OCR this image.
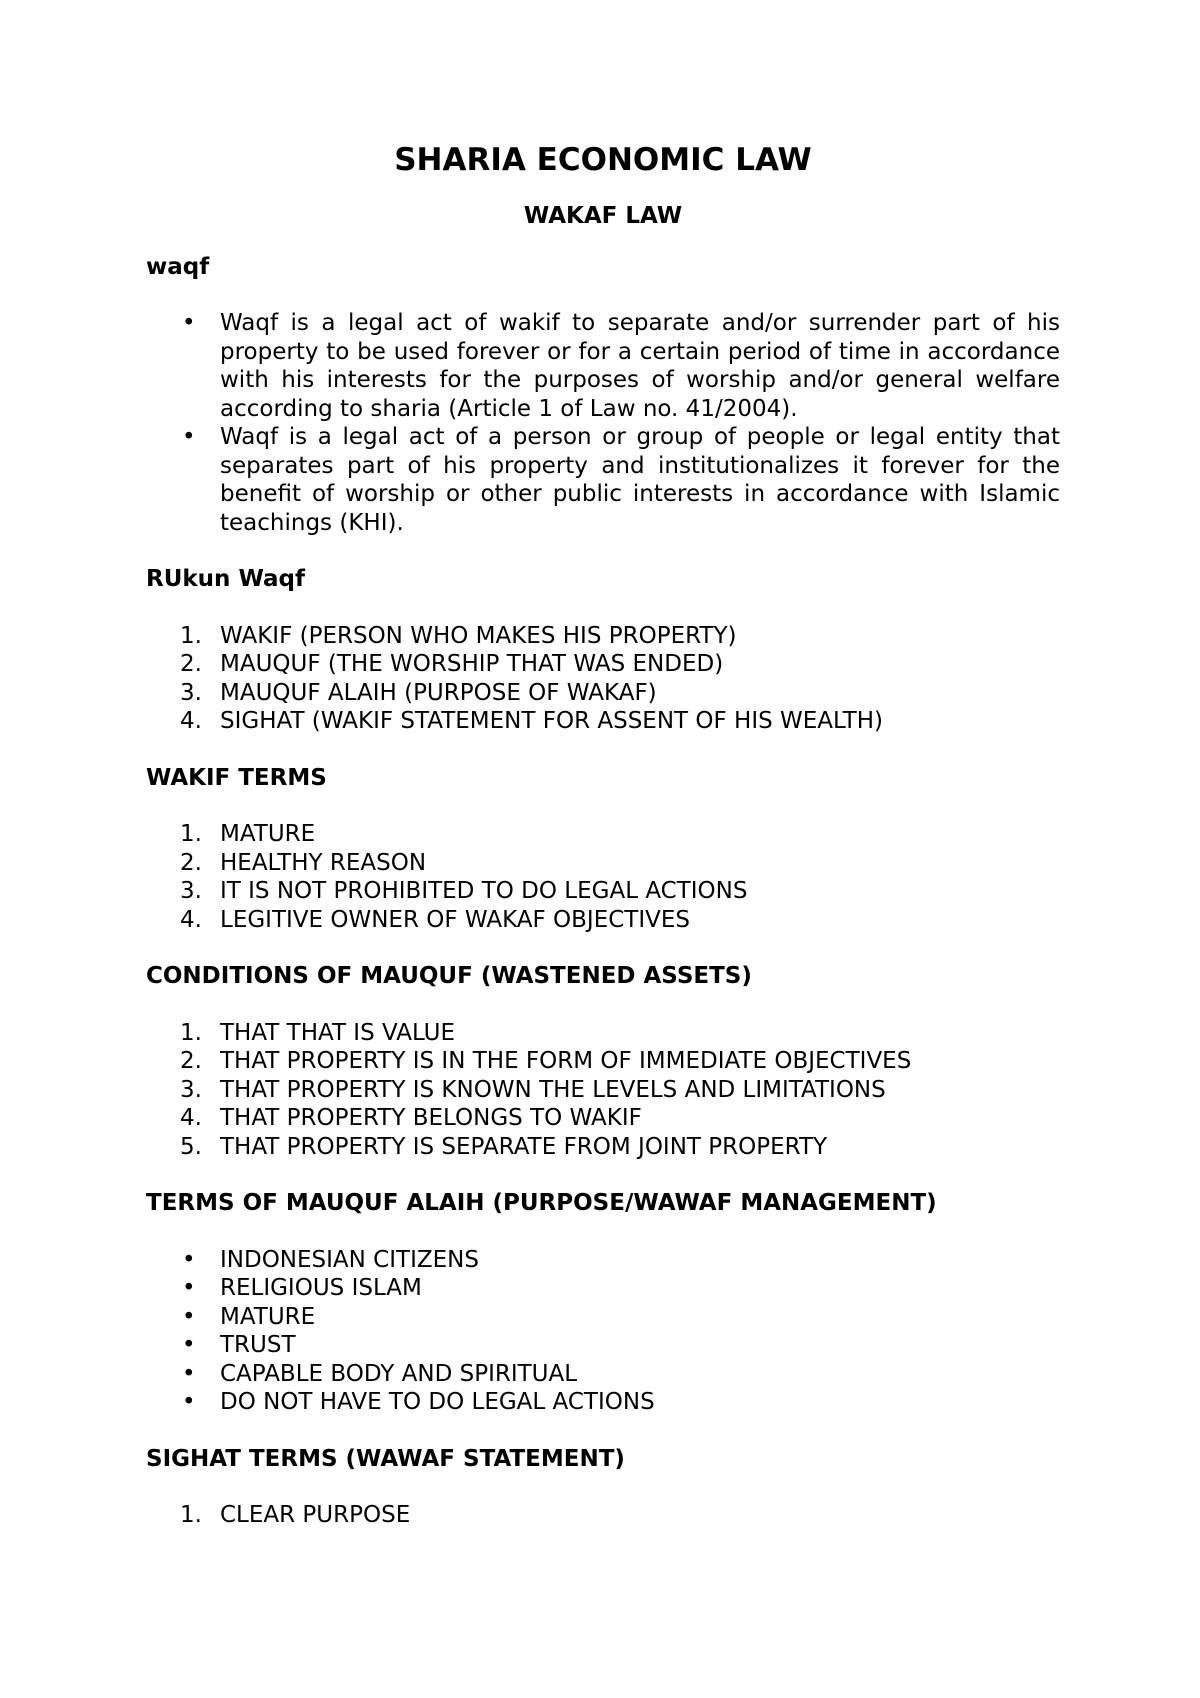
SHARIA ECONOMIC LAW
WAKAF LAW
waqf
• Waqf is a legal act of wakif to separate and/or surrender part of his property to be used forever or for a certain period of time in accordance with his interests for the purposes of worship and/or general welfare according to sharia (Article 1 of Law no. 41/2004).
• Waqf is a legal act of a person or group of people or legal entity that separates part of his property and institutionalizes it forever for the benefit of worship or other public interests in accordance with Islamic teachings (KHI).
RUkun Waqf
1. WAKIF (PERSON WHO MAKES HIS PROPERTY)
2. MAUQUF (THE WORSHIP THAT WAS ENDED)
3. MAUQUF ALAIH (PURPOSE OF WAKAF)
4. SIGHAT (WAKIF STATEMENT FOR ASSENT OF HIS WEALTH)
WAKIF TERMS
1. MATURE
2. HEALTHY REASON
3. IT IS NOT PROHIBITED TO DO LEGAL ACTIONS
4. LEGITIVE OWNER OF WAKAF OBJECTIVES
CONDITIONS OF MAUQUF (WASTENED ASSETS)
1. THAT THAT IS VALUE
2. THAT PROPERTY IS IN THE FORM OF IMMEDIATE OBJECTIVES
3. THAT PROPERTY IS KNOWN THE LEVELS AND LIMITATIONS
4. THAT PROPERTY BELONGS TO WAKIF
5. THAT PROPERTY IS SEPARATE FROM JOINT PROPERTY
TERMS OF MAUQUF ALAIH (PURPOSE/WAWAF MANAGEMENT)
• INDONESIAN CITIZENS
• RELIGIOUS ISLAM
• MATURE
• TRUST
• CAPABLE BODY AND SPIRITUAL
• DO NOT HAVE TO DO LEGAL ACTIONS
SIGHAT TERMS (WAWAF STATEMENT)
1. CLEAR PURPOSE
